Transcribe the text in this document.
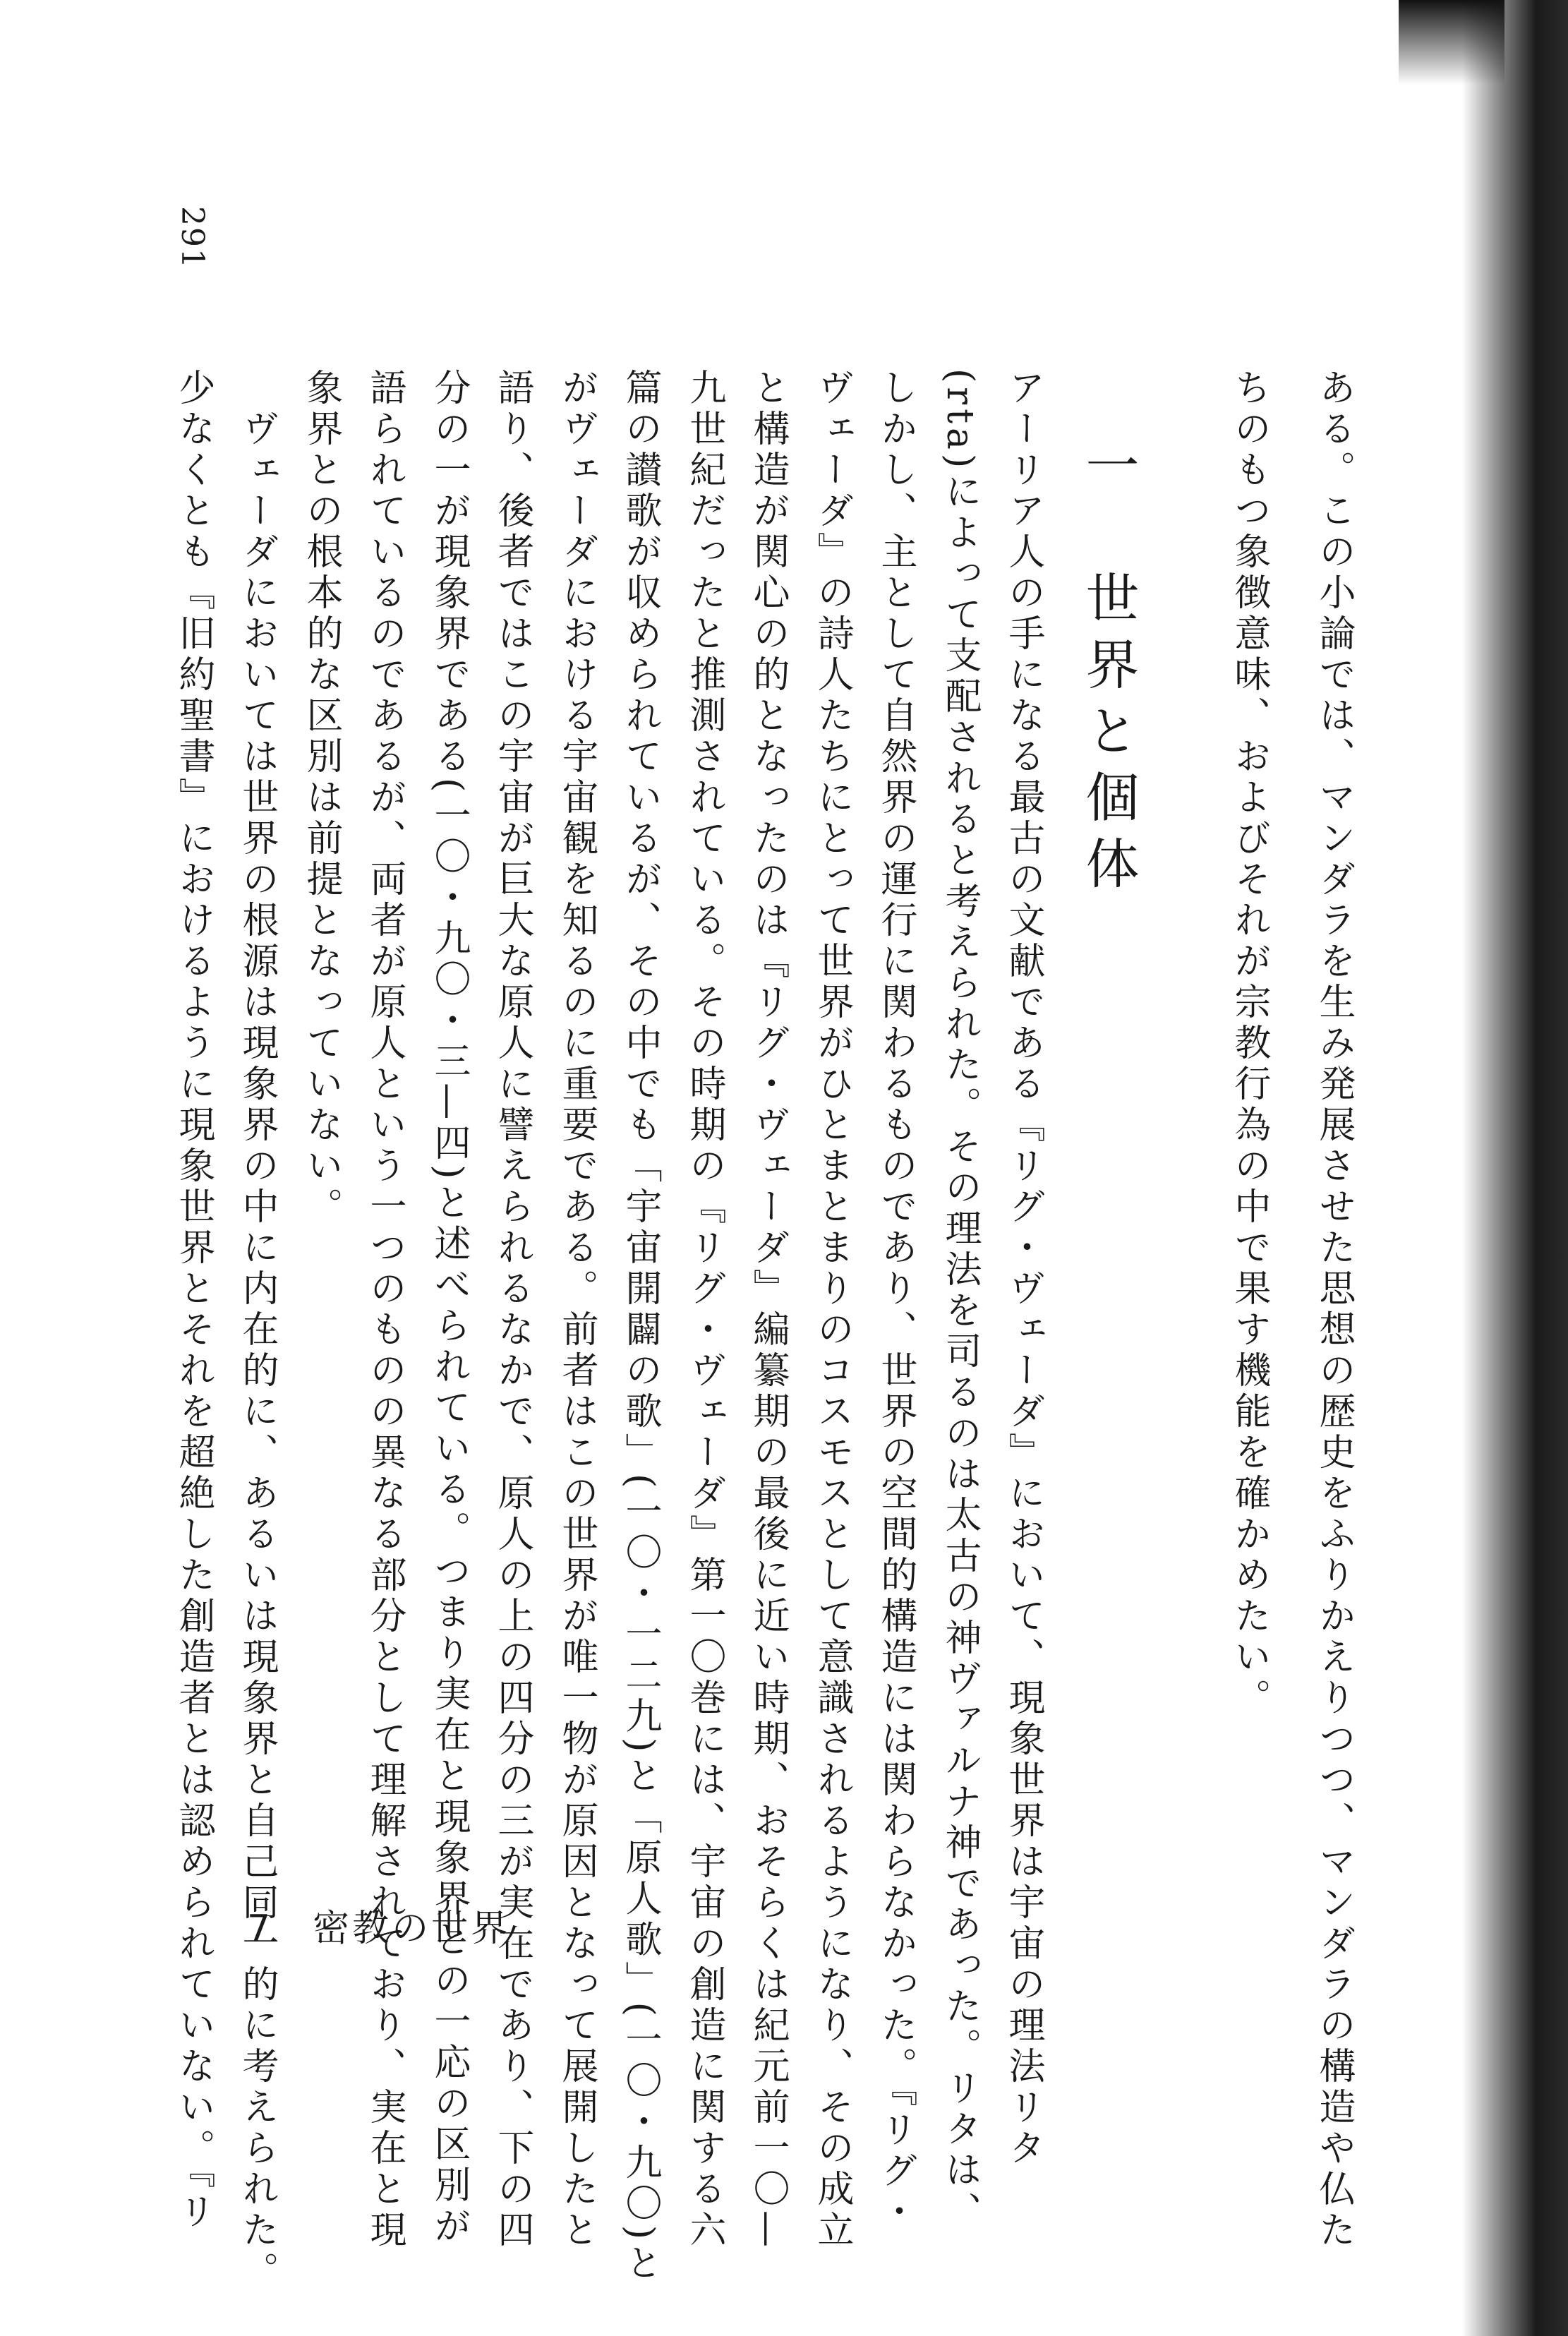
291
ある。この小論では、マンダラを生み発展させた思想の歴史をふりかえりつつ、マンダラの構造や仏た
ちのもつ象徴意味、およびそれが宗教行為の中で果す機能を確かめたい。
一　世界と個体
アーリア人の手になる最古の文献である『リグ・ヴェーダ』において、現象世界は宇宙の理法リタ
(rta)によって支配されると考えられた。その理法を司るのは太古の神ヴァルナ神であった。リタは、
しかし、主として自然界の運行に関わるものであり、世界の空間的構造には関わらなかった。『リグ・
ヴェーダ』の詩人たちにとって世界がひとまとまりのコスモスとして意識されるようになり、その成立
と構造が関心の的となったのは『リグ・ヴェーダ』編纂期の最後に近い時期、おそらくは紀元前一〇—
九世紀だったと推測されている。その時期の『リグ・ヴェーダ』第一〇巻には、宇宙の創造に関する六
篇の讃歌が収められているが、その中でも「宇宙開闢の歌」(一〇・一二九)と「原人歌」(一〇・九〇)と
がヴェーダにおける宇宙観を知るのに重要である。前者はこの世界が唯一物が原因となって展開したと
語り、後者ではこの宇宙が巨大な原人に譬えられるなかで、原人の上の四分の三が実在であり、下の四
分の一が現象界である(一〇・九〇・三—四)と述べられている。つまり実在と現象界との一応の区別が
語られているのであるが、両者が原人という一つのものの異なる部分として理解されており、実在と現
象界との根本的な区別は前提となっていない。
　ヴェーダにおいては世界の根源は現象界の中に内在的に、あるいは現象界と自己同一的に考えられた。
少なくとも『旧約聖書』におけるように現象世界とそれを超絶した創造者とは認められていない。『リ 7　密教の世界
